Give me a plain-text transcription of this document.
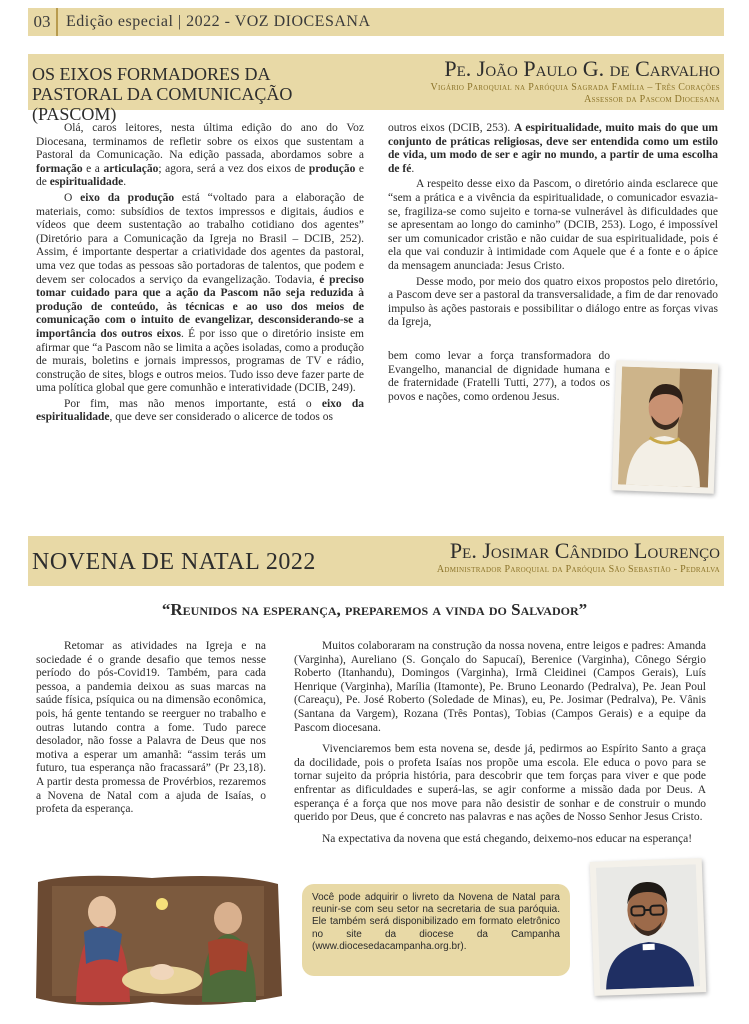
03 Edição especial | 2022 - VOZ DIOCESANA
OS EIXOS FORMADORES DA PASTORAL DA COMUNICAÇÃO (PASCOM)
Pe. João Paulo G. de Carvalho
Vigário Paroquial na Paróquia Sagrada Família – Três Corações
Assessor da Pascom Diocesana

Olá, caros leitores, nesta última edição do ano do Voz Diocesana, terminamos de refletir sobre os eixos que sustentam a Pastoral da Comunicação. Na edição passada, abordamos sobre a formação e a articulação; agora, será a vez dos eixos de produção e de espiritualidade.

O eixo da produção está “voltado para a elaboração de materiais, como: subsídios de textos impressos e digitais, áudios e vídeos que deem sustentação ao trabalho cotidiano dos agentes” (Diretório para a Comunicação da Igreja no Brasil – DCIB, 252). Assim, é importante despertar a criatividade dos agentes da pastoral, uma vez que todas as pessoas são portadoras de talentos, que podem e devem ser colocados a serviço da evangelização. Todavia, é preciso tomar cuidado para que a ação da Pascom não seja reduzida à produção de conteúdo, às técnicas e ao uso dos meios de comunicação com o intuito de evangelizar, desconsiderando-se a importância dos outros eixos. É por isso que o diretório insiste em afirmar que “a Pascom não se limita a ações isoladas, como a produção de murais, boletins e jornais impressos, programas de TV e rádio, construção de sites, blogs e outros meios. Tudo isso deve fazer parte de uma política global que gere comunhão e interatividade (DCIB, 249).

Por fim, mas não menos importante, está o eixo da espiritualidade, que deve ser considerado o alicerce de todos os

outros eixos (DCIB, 253). A espiritualidade, muito mais do que um conjunto de práticas religiosas, deve ser entendida como um estilo de vida, um modo de ser e agir no mundo, a partir de uma escolha de fé.

A respeito desse eixo da Pascom, o diretório ainda esclarece que “sem a prática e a vivência da espiritualidade, o comunicador esvazia-se, fragiliza-se como sujeito e torna-se vulnerável às dificuldades que se apresentam ao longo do caminho” (DCIB, 253). Logo, é impossível ser um comunicador cristão e não cuidar de sua espiritualidade, pois é ela que vai conduzir à intimidade com Aquele que é a fonte e o ápice da mensagem anunciada: Jesus Cristo.

Desse modo, por meio dos quatro eixos propostos pelo diretório, a Pascom deve ser a pastoral da transversalidade, a fim de dar renovado impulso às ações pastorais e possibilitar o diálogo entre as forças vivas da Igreja,

bem como levar a força transformadora do Evangelho, manancial de dignidade humana e de fraternidade (Fratelli Tutti, 277), a todos os povos e nações, como ordenou Jesus.

NOVENA DE NATAL 2022	Pe. Josimar Cândido Lourenço
Administrador Paroquial da Paróquia São Sebastião - Pedralva
“Reunidos na esperança, preparemos a vinda do Salvador”

Retomar as atividades na Igreja e na sociedade é o grande desafio que temos nesse período do pós-Covid19. Também, para cada pessoa, a pandemia deixou as suas marcas na saúde física, psíquica ou na dimensão econômica, pois, há gente tentando se reerguer no trabalho e outras lutando contra a fome. Tudo parece desolador, não fosse a Palavra de Deus que nos motiva a esperar um amanhã: “assim terás um futuro, tua esperança não fracassará” (Pr 23,18). A partir desta promessa de Provérbios, rezaremos a Novena de Natal com a ajuda de Isaías, o profeta da esperança.

Muitos colaboraram na construção da nossa novena, entre leigos e padres: Amanda (Varginha), Aureliano (S. Gonçalo do Sapucaí), Berenice (Varginha), Cônego Sérgio Roberto (Itanhandu), Domingos (Varginha), Irmã Cleidinei (Campos Gerais), Luís Henrique (Varginha), Marília (Itamonte), Pe. Bruno Leonardo (Pedralva), Pe. Jean Poul (Careaçu), Pe. José Roberto (Soledade de Minas), eu, Pe. Josimar (Pedralva), Pe. Vânis (Santana da Vargem), Rozana (Três Pontas), Tobias (Campos Gerais) e a equipe da Pascom diocesana.

Vivenciaremos bem esta novena se, desde já, pedirmos ao Espírito Santo a graça da docilidade, pois o profeta Isaías nos propõe uma escola. Ele educa o povo para se tornar sujeito da própria história, para descobrir que tem forças para viver e que pode enfrentar as dificuldades e superá-las, se agir conforme a missão dada por Deus. A esperança é a força que nos move para não desistir de sonhar e de construir o mundo querido por Deus, que é concreto nas palavras e nas ações de Nosso Senhor Jesus Cristo.

Na expectativa da novena que está chegando, deixemo-nos educar na esperança!

Você pode adquirir o livreto da Novena de Natal para reunir-se com seu setor na secretaria de sua paróquia. Ele também será disponibilizado em formato eletrônico no site da diocese da Campanha (www.diocesedacampanha.org.br).
